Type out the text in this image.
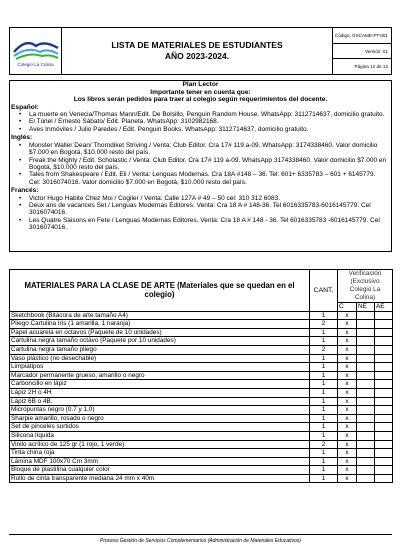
Colegio La Colina
LISTA DE MATERIALES DE ESTUDIANTES
AÑO 2023-2024.
Código: GSCAME-FT-001
Versión: 01
Página 12 de 12
Plan Lector
Importante tener en cuenta que:
Los libros serán pedidos para traer al colegio según requerimientos del docente.
Español:
• La muerte en Venecia/Thomas Mann/Edit. De Bolsillo, Penguin Random House. WhatsApp: 3112714637, domicilio gratuito.
• El Túnel / Ernesto Sábato/ Edit. Planeta. WhatsApp: 3102982168.
• Aves Inmóviles / Julio Paredes / Edit. Penguin Books. WhatsApp: 3112714637, domicilio gratuito.
Inglés:
• Monster Waller Dean/ Thorndiket Striving / Venta: Club Editor. Cra 17# 119 a-09. WhatsApp: 3174338460. Valor domicilio $7.000 en Bogotá, $10.000 resto del país.
• Freak the Mighty / Edit. Scholastic / Venta: Club Editor. Cra 17# 119 a-09. WhatsApp 3174338460. Valor domicilio $7.000 en Bogotá, $10.000 resto del país.
• Tales from Shakespeare / Edit. Eli / Venta: Lenguas Modernas. Cra 18A #148 – 36. Tel: 601+ 6335783 – 601 + 6145779. Cel: 3016074016. Valor domicilio $7.000 en Bogotá, $10.000 resto del país.
Francés:
• Victor Hugo Habite Chez Moi / Cogiler / Venta: Calle 127A # 49 – 50 cel: 310 312 6083.
• Deux ans de vacances Set / Lenguas Modernas Editores. Venta: Cra 18 A # 148-36. Tel 6016335783-6016145779. Cel 3016074016.
• Les Quatre Saisons en Fete / Lenguas Modernas Editores. Venta: Cra 18 A # 148 - 36. Tel 6016335783 -6016145779. Cel 3016074016.
MATERIALES PARA LA CLASE DE ARTE (Materiales que se quedan en el colegio)	CANT.	Verificación (Exclusivo Colegio La Colina)		
		C	NE	AE
Sketchbook (Bitácora de arte tamaño A4)	1	x		
Pliego Cartulina Iris (1 amarilla, 1 naranja)	2	x		
Papel acuarela en octavos (Paquete de 10 unidades)	1	x		
Cartulina negra tamaño octavo (Paquete por 10 unidades)	1	x		
Cartulina negra tamaño pliego	2	x		
Vaso plástico (no desechable)	1	x		
Limpiatipos	1	x		
Marcador permanente grueso, amarillo o negro	1	x		
Carboncillo en lápiz	1	x		
Lápiz 2H o 4H	1	x		
Lápiz 6B o 4B.	1	x		
Micropuntas negro (0.7 y 1.0)	1	x		
Sharpie amarillo, rosado o negro	1	x		
Set de pinceles surtidos	1	x		
Silicona líquida	1	x		
Vinilo acrílico de 125 gr (1 rojo, 1 verde)	2	x		
Tinta china roja	1	x		
Lámina MDF 100x70 Cm 3mm	1	x		
Bloque de plastilina cualquier color	1	x		
Rollo de cinta transparente mediana 24 mm x 40m	1	x		
Proceso Gestión de Servicios Complementarios (Administración de Materiales Educativos)
